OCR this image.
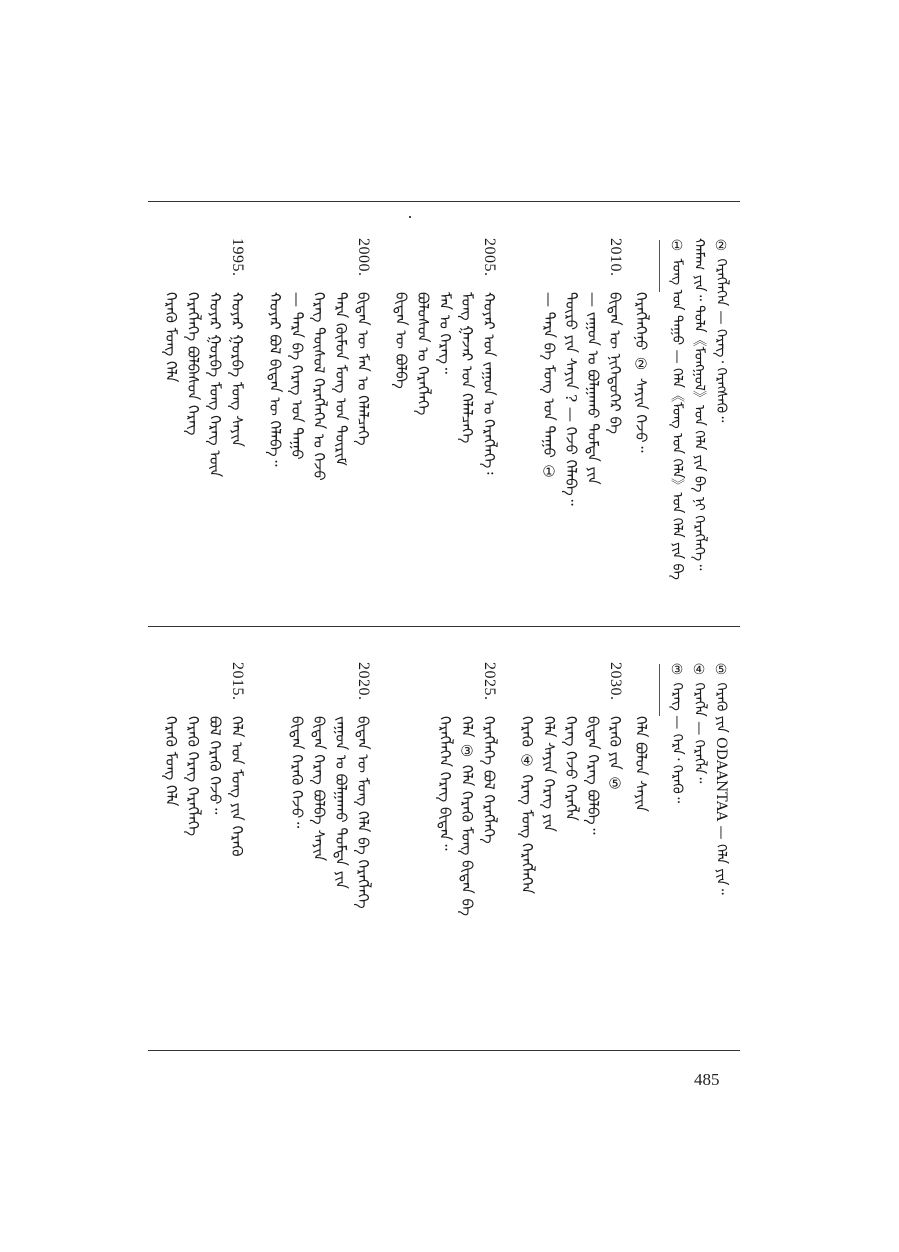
② ᠬᠡᠷᠡᠭᠯᠡᠭᠡᠨ — ᠬᠡᠷᠡᠭ᠂ ᠬᠡᠷᠡᠭᠰᠡᠬᠦ᠃
ᠬᠠᠮᠠᠭ ᠶᠢᠨ᠃ ᠲᠤᠯᠠ《ᠮᠣᠩᠭᠣᠯ》ᠤᠨ ᠬᠡᠯᠡ ᠶᠢᠨ ᠪᠠ ᠨᠢ ᠬᠡᠷᠡᠭᠯᠡᠭᠡ᠃
① ᠮᠣᠩ ᠤᠨ ᠳᠠᠭᠤ — ᠬᠡᠯᠡ《ᠮᠣᠩ ᠤᠨ ᠬᠡᠯᠡ》ᠤᠨ ᠬᠡᠯᠡ ᠶᠢᠨ ᠪᠠ
ᠬᠡᠷᠡᠭᠯᠡᠭᠡᠨᠦ ② ᠰᠠᠶᠢᠨ ᠭᠡᠵᠦ᠃
2010.
ᠪᠢᠳᠡᠨ ᠦ ᠨᠢᠭᠡᠳᠦᠭᠡᠷ ᠪᠡ
— ᠵᠠᠭᠤᠨ ᠤ ᠪᠣᠯᠭᠠᠬᠤ ᠳᠤᠮᠳᠠ ᠶᠢᠨ
ᠲᠦᠷᠦ ᠶᠢᠨ ᠰᠠᠶᠢᠨ ? — ᠭᠡᠵᠦ ᠬᠡᠯᠡᠪᠡ᠃
— ᠲᠡᠷᠡ ᠪᠡ ᠮᠣᠩ ᠤᠨ ᠳᠠᠭᠤ ①
2005.
ᠬᠣᠶᠠᠷ ᠤᠨ ᠵᠠᠭᠤᠨ ᠤ ᠬᠡᠷᠡᠭᠯᠡᠭᠡ᠄
ᠮᠣᠩ ᠭᠠᠵᠠᠷ ᠤᠨ ᠬᠡᠯᠡᠯᠴᠡᠭᠡ
ᠮᠠᠨ ᠤ ᠬᠡᠷᠡᠭ᠃
ᠪᠣᠯᠣᠰᠤᠨ ᠤ ᠬᠡᠷᠡᠭᠯᠡᠭᠡ
ᠪᠢᠳᠡᠨ ᠦ ᠪᠣᠯᠪᠠ
2000.
ᠪᠢᠳᠡᠨ ᠦ ᠮᠠᠨ ᠤ ᠬᠡᠯᠡᠯᠴᠡᠭᠡ
ᠲᠡᠷᠡ ᠬᠦᠮᠦᠨ ᠮᠣᠩ ᠤᠨ ᠳᠦᠷᠢᠮ
ᠬᠡᠷᠡᠭ ᠲᠦᠰᠦᠯ ᠬᠡᠷᠡᠭᠯᠡᠭᠡᠨ ᠤ ᠭᠡᠵᠦ
— ᠲᠡᠷᠡ ᠪᠡ ᠬᠡᠷᠡᠭ ᠤᠨ ᠳᠠᠭᠤ
ᠬᠣᠶᠠᠷ ᠪᠣᠯ ᠪᠢᠳᠡᠨ ᠦ ᠬᠡᠯᠡᠪᠡ᠃
1995.
ᠬᠣᠶᠠᠷ ᠭᠤᠷᠪᠠ ᠮᠣᠩ ᠰᠠᠶᠢᠨ
ᠬᠣᠶᠠᠷ ᠭᠤᠷᠪᠠ ᠮᠣᠩ ᠬᠡᠷᠡᠭ ᠦᠨ
ᠬᠡᠷᠡᠭᠯᠡᠭᠡ ᠪᠣᠯᠪᠠᠰᠤᠨ ᠬᠡᠷᠡᠭ
ᠬᠡᠷᠡᠭᠦ ᠮᠣᠩ ᠬᠡᠯᠡ
⑤ ᠬᠡᠷᠡᠭᠦ ᠶᠢᠨ ODAANTAA — ᠬᠡᠯᠡ ᠶᠢᠨ᠃
④ ᠬᠡᠷᠡᠭᠯᠡ — ᠬᠡᠷᠡᠭᠯᠡ᠃
③ ᠬᠡᠷᠡᠭ — ᠬᠡᠷᠡ᠂ ᠬᠡᠷᠡᠭᠦ᠃
ᠬᠡᠯᠡ ᠪᠣᠯᠤᠨ ᠰᠠᠶᠢᠨ
2030.
ᠬᠡᠷᠡᠭᠦ ᠶᠢᠨ ⑤
ᠪᠢᠳᠡᠨ ᠬᠡᠷᠡᠭ ᠪᠣᠯᠪᠠ᠃
ᠬᠡᠷᠡᠭ ᠭᠡᠵᠦ ᠬᠡᠷᠡᠭᠯᠡ
ᠬᠡᠯᠡ ᠰᠠᠶᠢᠨ ᠬᠡᠷᠡᠭ ᠶᠢᠨ
ᠬᠡᠷᠡᠭᠦ ④ ᠬᠡᠷᠡᠭ ᠮᠣᠩ ᠬᠡᠷᠡᠭᠯᠡᠭᠡᠨ
2025.
ᠬᠡᠷᠡᠭᠯᠡᠭᠡ ᠪᠣᠯ ᠬᠡᠷᠡᠭᠯᠡᠭᠡ
ᠬᠡᠯᠡ ③ ᠬᠡᠯᠡ ᠬᠡᠷᠡᠭᠦ ᠮᠣᠩ ᠪᠢᠳᠡᠨ ᠪᠡ
ᠬᠡᠷᠡᠭᠯᠡᠭᠡᠨ ᠬᠡᠷᠡᠭ ᠪᠢᠳᠡᠨ᠃
2020.
ᠪᠢᠳᠡᠨ ᠦ ᠮᠣᠩ ᠬᠡᠯᠡ ᠪᠡ ᠬᠡᠷᠡᠭᠯᠡᠭᠡ
ᠵᠠᠭᠤᠨ ᠤ ᠪᠣᠯᠭᠠᠬᠤ ᠳᠤᠮᠳᠠ ᠶᠢᠨ
ᠪᠢᠳᠡᠨ ᠬᠡᠷᠡᠭ ᠪᠣᠯᠪᠠ ᠰᠠᠶᠢᠨ
ᠪᠢᠳᠡᠨ ᠬᠡᠷᠡᠭᠦ ᠭᠡᠵᠦ᠃
2015.
ᠬᠡᠯᠡ ᠤᠨ ᠮᠣᠩ ᠶᠢᠨ ᠬᠡᠷᠡᠭᠦ
ᠪᠣᠯ ᠬᠡᠷᠡᠭᠦ ᠭᠡᠵᠦ᠃
ᠬᠡᠷᠡᠭᠦ ᠬᠡᠷᠡᠭ ᠬᠡᠷᠡᠭᠯᠡᠭᠡ
ᠬᠡᠷᠡᠭᠦ ᠮᠣᠩ ᠬᠡᠯᠡ
485
